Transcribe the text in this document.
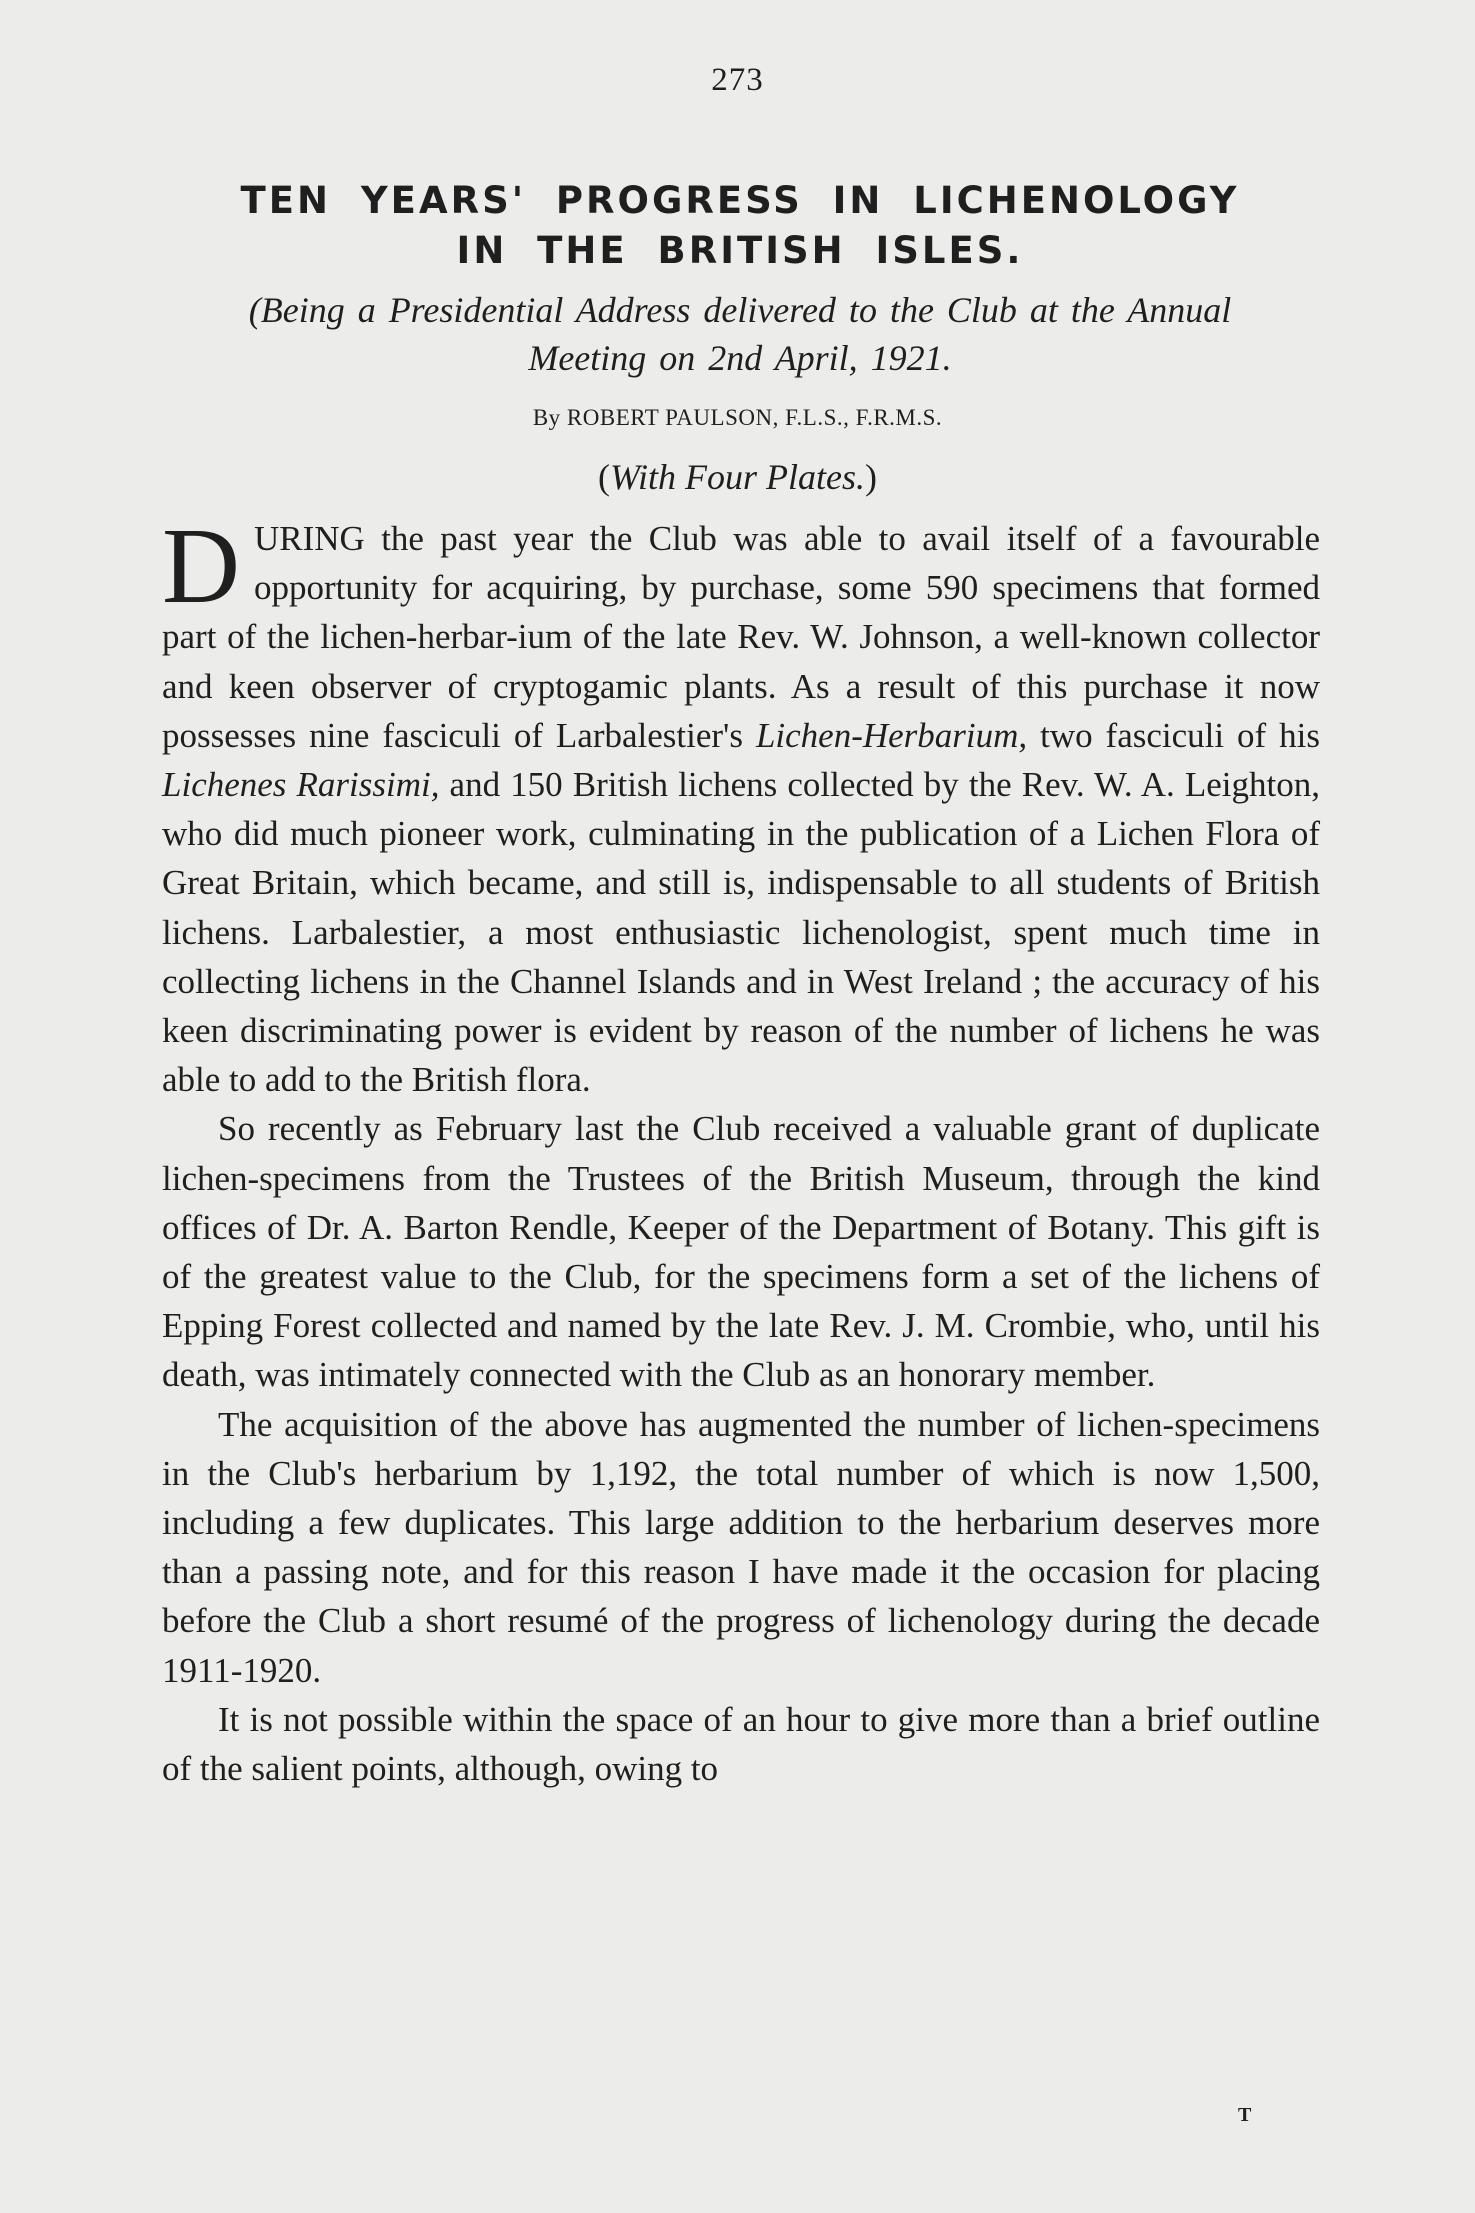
273
TEN YEARS' PROGRESS IN LICHENOLOGY
IN THE BRITISH ISLES.
(Being a Presidential Address delivered to the Club at the Annual
Meeting on 2nd April, 1921.
By ROBERT PAULSON, F.L.S., F.R.M.S.
(With Four Plates.)

DURING the past year the Club was able to avail itself of a favourable opportunity for acquiring, by purchase, some 590 specimens that formed part of the lichen-herbar-ium of the late Rev. W. Johnson, a well-known collector and keen observer of cryptogamic plants. As a result of this purchase it now possesses nine fasciculi of Larbalestier's Lichen-Herbarium, two fasciculi of his Lichenes Rarissimi, and 150 British lichens collected by the Rev. W. A. Leighton, who did much pioneer work, culminating in the publication of a Lichen Flora of Great Britain, which became, and still is, indispensable to all students of British lichens. Larbalestier, a most enthusiastic lichenologist, spent much time in collecting lichens in the Channel Islands and in West Ireland ; the accuracy of his keen discriminating power is evident by reason of the number of lichens he was able to add to the British flora.

So recently as February last the Club received a valuable grant of duplicate lichen-specimens from the Trustees of the British Museum, through the kind offices of Dr. A. Barton Rendle, Keeper of the Department of Botany. This gift is of the greatest value to the Club, for the specimens form a set of the lichens of Epping Forest collected and named by the late Rev. J. M. Crombie, who, until his death, was intimately connected with the Club as an honorary member.

The acquisition of the above has augmented the number of lichen-specimens in the Club's herbarium by 1,192, the total number of which is now 1,500, including a few duplicates. This large addition to the herbarium deserves more than a passing note, and for this reason I have made it the occasion for placing before the Club a short resumé of the progress of lichenology during the decade 1911-1920.

It is not possible within the space of an hour to give more than a brief outline of the salient points, although, owing to

T
